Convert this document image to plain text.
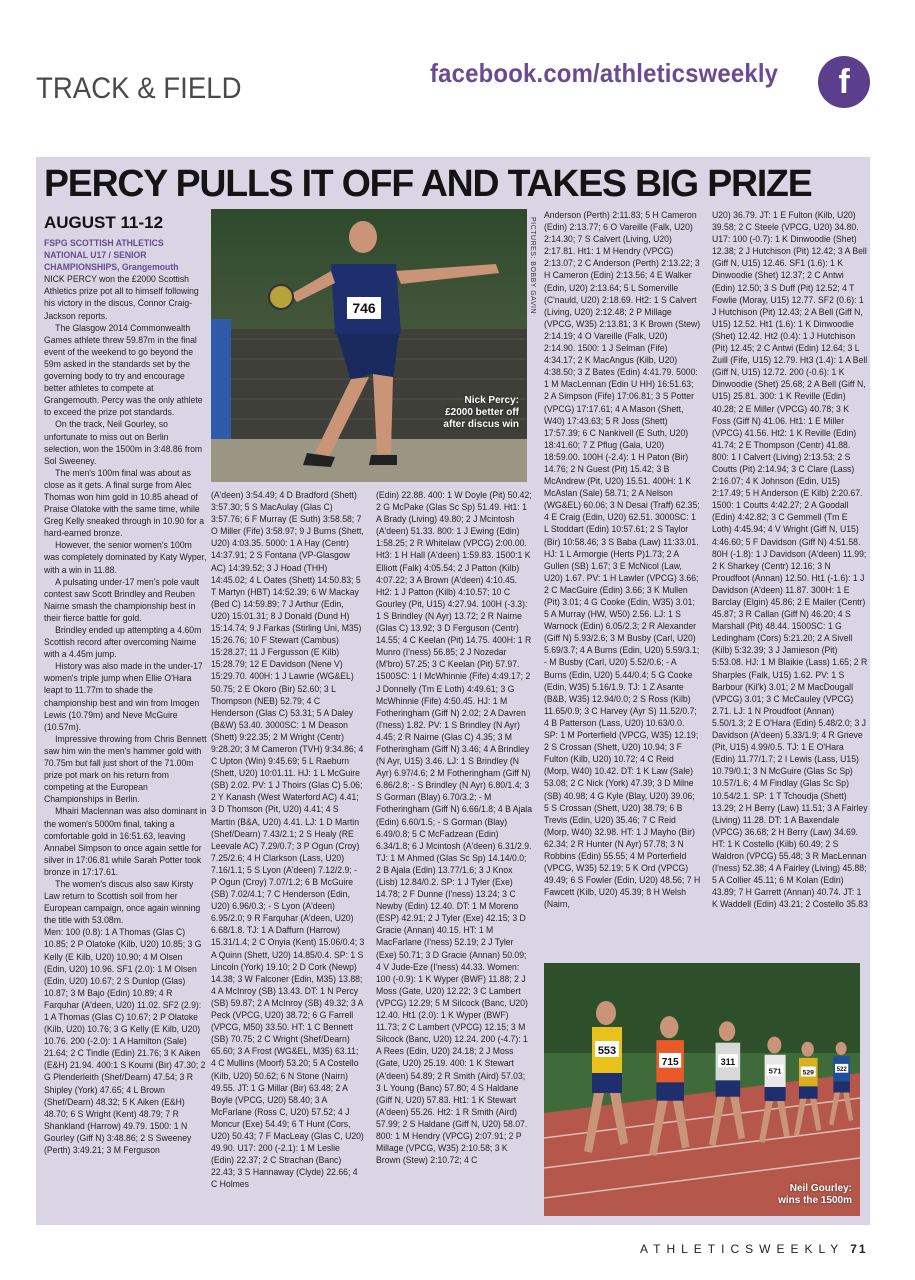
TRACK & FIELD	facebook.com/athleticsweekly	f
PERCY PULLS IT OFF AND TAKES BIG PRIZE
AUGUST 11-12

FSPG SCOTTISH ATHLETICS NATIONAL U17 / SENIOR CHAMPIONSHIPS, Grangemouth

NICK PERCY won the £2000 Scottish Athletics prize pot all to himself following his victory in the discus, Connor Craig-Jackson reports.

The Glasgow 2014 Commonwealth Games athlete threw 59.87m in the final event of the weekend to go beyond the 59m asked in the standards set by the governing body to try and encourage better athletes to compete at Grangemouth. Percy was the only athlete to exceed the prize pot standards.

On the track, Neil Gourley, so unfortunate to miss out on Berlin selection, won the 1500m in 3:48.86 from Sol Sweeney.

The men's 100m final was about as close as it gets. A final surge from Alec Thomas won him gold in 10.85 ahead of Praise Olatoke with the same time, while Greg Kelly sneaked through in 10.90 for a hard-earned bronze.

However, the senior women's 100m was completely dominated by Katy Wyper, with a win in 11.88.

A pulsating under-17 men's pole vault contest saw Scott Brindley and Reuben Nairne smash the championship best in their fierce battle for gold.

Brindley ended up attempting a 4.60m Scottish record after overcoming Nairne with a 4.45m jump.

History was also made in the under-17 women's triple jump when Ellie O'Hara leapt to 11.77m to shade the championship best and win from Imogen Lewis (10.79m) and Neve McGuire (10.57m).

Impressive throwing from Chris Bennett saw him win the men's hammer gold with 70.75m but fall just short of the 71.00m prize pot mark on his return from competing at the European Championships in Berlin.

Mhairi Maclennan was also dominant in the women's 5000m final, taking a comfortable gold in 16:51.63, leaving Annabel Simpson to once again settle for silver in 17:06.81 while Sarah Potter took bronze in 17:17.61.

The women's discus also saw Kirsty Law return to Scottish soil from her European campaign, once again winning the title with 53.08m.

Men: 100 (0.8): 1 A Thomas (Glas C) 10.85; 2 P Olatoke (Kilb, U20) 10.85; 3 G Kelly (E Kilb, U20) 10.90; 4 M Olsen (Edin, U20) 10.96. SF1 (2.0): 1 M Olsen (Edin, U20) 10.67; 2 S Dunlop (Glas) 10.87; 3 M Bajo (Edin) 10.89; 4 R Farquhar (A'deen, U20) 11.02. SF2 (2.9): 1 A Thomas (Glas C) 10.67; 2 P Olatoke (Kilb, U20) 10.76; 3 G Kelly (E Kilb, U20) 10.76. 200 (-2.0): 1 A Hamilton (Sale) 21.64; 2 C Tindle (Edin) 21.76; 3 K Aiken (E&H) 21.94. 400:1 S Koumi (Bir) 47.30; 2 G Plenderleith (Shef/Dearn) 47.54; 3 R Shipley (York) 47.65; 4 L Brown (Shef/Dearn) 48.32; 5 K Aiken (E&H) 48.70; 6 S Wright (Kent) 48.79; 7 R Shankland (Harrow) 49.79. 1500: 1 N Gourley (Giff N) 3:48.86; 2 S Sweeney (Perth) 3:49.21; 3 M Ferguson

746
Nick Percy:
£2000 better off
after discus win
PICTURES: BOBBY GAVIN

(A'deen) 3:54.49; 4 D Bradford (Shett) 3:57.30; 5 S MacAulay (Glas C) 3:57.76; 6 F Murray (E Suth) 3:58.58; 7 O Miller (Fife) 3:58.97; 9 J Burns (Shett, U20) 4:03.35. 5000: 1 A Hay (Centr) 14:37.91; 2 S Fontana (VP-Glasgow AC) 14:39.52; 3 J Hoad (THH) 14:45.02; 4 L Oates (Shett) 14:50.83; 5 T Martyn (HBT) 14:52.39; 6 W Mackay (Bed C) 14:59.89; 7 J Arthur (Edin, U20) 15:01.31; 8 J Donald (Dund H) 15:14.74; 9 J Farkas (Stirling Uni, M35) 15:26.76; 10 F Stewart (Cambus) 15:28.27; 11 J Fergusson (E Kilb) 15:28.79; 12 E Davidson (Nene V) 15:29.70. 400H: 1 J Lawrie (WG&EL) 50.75; 2 E Okoro (Bir) 52.60; 3 L Thompson (NEB) 52.79; 4 C Henderson (Glas C) 53.31; 5 A Daley (B&W) 53.40. 3000SC: 1 M Deason (Shett) 9:22.35; 2 M Wright (Centr) 9:28.20; 3 M Cameron (TVH) 9:34.86; 4 C Upton (Win) 9:45.69; 5 L Raeburn (Shett, U20) 10:01.11. HJ: 1 L McGuire (SB) 2.02. PV: 1 J Thoirs (Glas C) 5.06; 2 Y Kanash (West Waterford AC) 4.41; 3 D Thomson (Pit, U20) 4.41; 4 S Martin (B&A, U20) 4.41. LJ: 1 D Martin (Shef/Dearn) 7.43/2.1; 2 S Healy (RE Leevale AC) 7.29/0.7; 3 P Ogun (Croy) 7.25/2.6; 4 H Clarkson (Lass, U20) 7.16/1.1; 5 S Lyon (A'deen) 7.12/2.9; - P Ogun (Croy) 7.07/1.2; 6 B McGuire (SB) 7.02/4.1; 7 C Henderson (Edin, U20) 6.96/0.3; - S Lyon (A'deen) 6.95/2.0; 9 R Farquhar (A'deen, U20) 6.68/1.8. TJ: 1 A Daffurn (Harrow) 15.31/1.4; 2 C Onyia (Kent) 15.06/0.4; 3 A Quinn (Shett, U20) 14.85/0.4. SP: 1 S Lincoln (York) 19.10; 2 D Cork (Newp) 14.38; 3 W Falconer (Edin, M35) 13.88; 4 A McInroy (SB) 13.43. DT: 1 N Percy (SB) 59.87; 2 A McInroy (SB) 49.32; 3 A Peck (VPCG, U20) 38.72; 6 G Farrell (VPCG, M50) 33.50. HT: 1 C Bennett (SB) 70.75; 2 C Wright (Shef/Dearn) 65.60; 3 A Frost (WG&EL, M35) 63.11; 4 C Mullins (Moorf) 53.20; 5 A Costello (Kilb, U20) 50.62; 6 N Stone (Nairn) 49.55. JT: 1 G Millar (Bir) 63.48; 2 A Boyle (VPCG, U20) 58.40; 3 A McFarlane (Ross C, U20) 57.52; 4 J Moncur (Exe) 54.49; 6 T Hunt (Cors, U20) 50.43; 7 F MacLeay (Glas C, U20) 49.90. U17: 200 (-2.1): 1 M Leslie (Edin) 22.37; 2 C Strachan (Banc) 22.43; 3 S Hannaway (Clyde) 22.66; 4 C Holmes

(Edin) 22.88. 400: 1 W Doyle (Pit) 50.42; 2 G McPake (Glas Sc Sp) 51.49. Ht1: 1 A Brady (Living) 49.80; 2 J Mcintosh (A'deen) 51.33. 800: 1 J Ewing (Edin) 1:58.25; 2 R Whitelaw (VPCG) 2:00.00. Ht3: 1 H Hall (A'deen) 1:59.83. 1500:1 K Elliott (Falk) 4:05.54; 2 J Patton (Kilb) 4:07.22; 3 A Brown (A'deen) 4:10.45. Ht2: 1 J Patton (Kilb) 4:10.57; 10 C Gourley (Pit, U15) 4:27.94. 100H (-3.3): 1 S Brindley (N Ayr) 13.72; 2 R Nairne (Glas C) 13.92; 3 D Ferguson (Centr) 14.55; 4 C Keelan (Pit) 14.75. 400H: 1 R Munro (I'ness) 56.85; 2 J Nozedar (M'bro) 57.25; 3 C Keelan (Pit) 57.97. 1500SC: 1 I McWhinnie (Fife) 4:49.17; 2 J Donnelly (Tm E Loth) 4:49.61; 3 G McWhinnie (Fife) 4:50.45. HJ: 1 M Fotheringham (Giff N) 2.02; 2 A Davren (I'ness) 1.82. PV: 1 S Brindley (N Ayr) 4.45; 2 R Nairne (Glas C) 4.35; 3 M Fotheringham (Giff N) 3.46; 4 A Brindley (N Ayr, U15) 3.46. LJ: 1 S Brindley (N Ayr) 6.97/4.6; 2 M Fotheringham (Giff N) 6.86/2.8; - S Brindley (N Ayr) 6.80/1.4; 3 S Gorman (Blay) 6.70/3.2; - M Fotheringham (Giff N) 6.66/1.8; 4 B Ajala (Edin) 6.60/1.5; - S Gorman (Blay) 6.49/0.8; 5 C McFadzean (Edin) 6.34/1.8; 6 J Mcintosh (A'deen) 6.31/2.9. TJ: 1 M Ahmed (Glas Sc Sp) 14.14/0.0; 2 B Ajala (Edin) 13.77/1.6; 3 J Knox (Lisb) 12.84/0.2. SP: 1 J Tyler (Exe) 14.78; 2 F Dunne (I'ness) 13.24; 3 C Newby (Edin) 12.40. DT: 1 M Moreno (ESP) 42.91; 2 J Tyler (Exe) 42.15; 3 D Gracie (Annan) 40.15. HT: 1 M MacFarlane (I'ness) 52.19; 2 J Tyler (Exe) 50.71; 3 D Gracie (Annan) 50.09; 4 V Jude-Eze (I'ness) 44.33. Women: 100 (-0.9): 1 K Wyper (BWF) 11.88; 2 J Moss (Gate, U20) 12.22; 3 C Lambert (VPCG) 12.29; 5 M Silcock (Banc, U20) 12.40. Ht1 (2.0): 1 K Wyper (BWF) 11.73; 2 C Lambert (VPCG) 12.15; 3 M Silcock (Banc, U20) 12.24. 200 (-4.7): 1 A Rees (Edin, U20) 24.18; 2 J Moss (Gate, U20) 25.19. 400: 1 K Stewart (A'deen) 54.89; 2 R Smith (Aird) 57.03; 3 L Young (Banc) 57.80; 4 S Haldane (Giff N, U20) 57.83. Ht1: 1 K Stewart (A'deen) 55.26. Ht2: 1 R Smith (Aird) 57.99; 2 S Haldane (Giff N, U20) 58.07. 800: 1 M Hendry (VPCG) 2:07.91; 2 P Millage (VPCG, W35) 2:10.58; 3 K Brown (Stew) 2:10.72; 4 C

Anderson (Perth) 2:11.83; 5 H Cameron (Edin) 2:13.77; 6 O Vareille (Falk, U20) 2:14.30; 7 S Calvert (Living, U20) 2:17.81. Ht1: 1 M Hendry (VPCG) 2:13.07; 2 C Anderson (Perth) 2:13.22; 3 H Cameron (Edin) 2:13.56; 4 E Walker (Edin, U20) 2:13.64; 5 L Somerville (C'nauld, U20) 2:18.69. Ht2: 1 S Calvert (Living, U20) 2:12.48; 2 P Millage (VPCG, W35) 2:13.81; 3 K Brown (Stew) 2:14.19; 4 O Vareille (Falk, U20) 2:14.90. 1500: 1 J Selman (Fife) 4:34.17; 2 K MacAngus (Kilb, U20) 4:38.50; 3 Z Bates (Edin) 4:41.79. 5000: 1 M MacLennan (Edin U HH) 16:51.63; 2 A Simpson (Fife) 17:06.81; 3 S Potter (VPCG) 17:17.61; 4 A Mason (Shett, W40) 17:43.63; 5 R Joss (Shett) 17:57.39; 6 C Nankivell (E Suth, U20) 18:41.60; 7 Z Pflug (Gala, U20) 18:59.00. 100H (-2.4): 1 H Paton (Bir) 14.76; 2 N Guest (Pit) 15.42; 3 B McAndrew (Pit, U20) 15.51. 400H: 1 K McAslan (Sale) 58.71; 2 A Nelson (WG&EL) 60.06; 3 N Desai (Traff) 62.35; 4 E Craig (Edin, U20) 62.51. 3000SC: 1 L Stoddart (Edin) 10:57.61; 2 S Taylor (Bir) 10:58.46; 3 S Baba (Law) 11:33.01. HJ: 1 L Armorgie (Herts P)1.73; 2 A Gullen (SB) 1.67; 3 E McNicol (Law, U20) 1.67. PV: 1 H Lawler (VPCG) 3.66; 2 C MacGuire (Edin) 3.66; 3 K Mullen (Pit) 3.01; 4 G Cooke (Edin, W35) 3.01; 5 A Murray (HW, W50) 2.56. LJ: 1 S Warnock (Edin) 6.05/2.3; 2 R Alexander (Giff N) 5.93/2.6; 3 M Busby (Carl, U20) 5.69/3.7; 4 A Burns (Edin, U20) 5.59/3.1; - M Busby (Carl, U20) 5.52/0.6; - A Burns (Edin, U20) 5.44/0.4; 5 G Cooke (Edin, W35) 5.16/1.9. TJ: 1 Z Asante (B&B, W35) 12.94/0.0; 2 S Ross (Kilb) 11.65/0.9; 3 C Harvey (Ayr S) 11.52/0.7; 4 B Patterson (Lass, U20) 10.63/0.0. SP: 1 M Porterfield (VPCG, W35) 12.19; 2 S Crossan (Shett, U20) 10.94; 3 F Fulton (Kilb, U20) 10.72; 4 C Reid (Morp, W40) 10.42. DT: 1 K Law (Sale) 53.08; 2 C Nick (York) 47.39; 3 D Milne (SB) 40.98; 4 G Kyle (Blay, U20) 39.06; 5 S Crossan (Shett, U20) 38.79; 6 B Trevis (Edin, U20) 35.46; 7 C Reid (Morp, W40) 32.98. HT: 1 J Mayho (Bir) 62.34; 2 R Hunter (N Ayr) 57.78; 3 N Robbins (Edin) 55.55; 4 M Porterfield (VPCG, W35) 52.19; 5 K Ord (VPCG) 49.49; 6 S Fowler (Edin, U20) 48.56; 7 H Fawcett (Kilb, U20) 45.39; 8 H Welsh (Nairn,

U20) 36.79. JT: 1 E Fulton (Kilb, U20) 39.58; 2 C Steele (VPCG, U20) 34.80. U17: 100 (-0.7): 1 K Dinwoodie (Shet) 12.38; 2 J Hutchison (Pit) 12.42; 3 A Bell (Giff N, U15) 12.46. SF1 (1.6): 1 K Dinwoodie (Shet) 12.37; 2 C Antwi (Edin) 12.50; 3 S Duff (Pit) 12.52; 4 T Fowlie (Moray, U15) 12.77. SF2 (0.6): 1 J Hutchison (Pit) 12.43; 2 A Bell (Giff N, U15) 12.52. Ht1 (1.6): 1 K Dinwoodie (Shet) 12.42. Ht2 (0.4): 1 J Hutchison (Pit) 12.45; 2 C Antwi (Edin) 12.64; 3 L Zuill (Fife, U15) 12.79. Ht3 (1.4): 1 A Bell (Giff N, U15) 12.72. 200 (-0.6): 1 K Dinwoodie (Shet) 25.68; 2 A Bell (Giff N, U15) 25.81. 300: 1 K Reville (Edin) 40.28; 2 E Miller (VPCG) 40.78; 3 K Foss (Giff N) 41.06. Ht1: 1 E Miller (VPCG) 41.56. Ht2: 1 K Reville (Edin) 41.74; 2 E Thompson (Centr) 41.88. 800: 1 I Calvert (Living) 2:13.53; 2 S Coutts (Pit) 2:14.94; 3 C Clare (Lass) 2:16.07; 4 K Johnson (Edin, U15) 2:17.49; 5 H Anderson (E Kilb) 2:20.67. 1500: 1 Coutts 4:42.27; 2 A Goodall (Edin) 4:42.82; 3 C Gemmell (Tm E Loth) 4:45.94; 4 V Wright (Giff N, U15) 4:46.60; 5 F Davidson (Giff N) 4:51.58. 80H (-1.8): 1 J Davidson (A'deen) 11.99; 2 K Sharkey (Centr) 12.16; 3 N Proudfoot (Annan) 12.50. Ht1 (-1.6): 1 J Davidson (A'deen) 11.87. 300H: 1 E Barclay (Elgin) 45.86; 2 E Mailer (Centr) 45.87; 3 R Callan (Giff N) 46.20; 4 S Marshall (Pit) 48.44. 1500SC: 1 G Ledingham (Cors) 5:21.20; 2 A Sivell (Kilb) 5:32.39; 3 J Jamieson (Pit) 5:53.08. HJ: 1 M Blaikie (Lass) 1.65; 2 R Sharples (Falk, U15) 1.62. PV: 1 S Barbour (Kil'k) 3.01; 2 M MacDougall (VPCG) 3.01; 3 C McCauley (VPCG) 2.71. LJ: 1 N Proudfoot (Annan) 5.50/1.3; 2 E O'Hara (Edin) 5.48/2.0; 3 J Davidson (A'deen) 5.33/1.9; 4 R Grieve (Pit, U15) 4.99/0.5. TJ: 1 E O'Hara (Edin) 11.77/1.7; 2 I Lewis (Lass, U15) 10.79/0.1; 3 N McGuire (Glas Sc Sp) 10.57/1.6; 4 M Findlay (Glas Sc Sp) 10.54/2.1. SP: 1 T Tchoudja (Shett) 13.29; 2 H Berry (Law) 11.51; 3 A Fairley (Living) 11.28. DT: 1 A Baxendale (VPCG) 36.68; 2 H Berry (Law) 34.69. HT: 1 K Costello (Kilb) 60.49; 2 S Waldron (VPCG) 55.48; 3 R MacLennan (I'ness) 52.38; 4 A Fairley (Living) 45.88; 5 A Collier 45.11; 6 M Kolan (Edin) 43.89; 7 H Garrett (Annan) 40.74. JT: 1 K Waddell (Edin) 43.21; 2 Costello 35.83

553
715	311
571 529 522
Neil Gourley:
wins the 1500m
ATHLETICSWEEKLY 71
